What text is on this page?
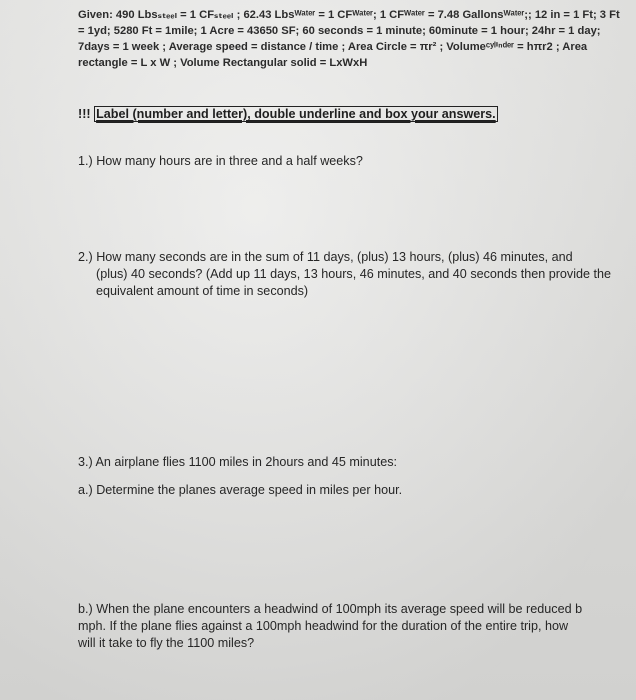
Given: 490 Lbsₛₜₑₑₗ = 1 CFₛₜₑₑₗ ; 62.43 Lbsᵂᵃᵗᵉʳ = 1 CFᵂᵃᵗᵉʳ; 1 CFᵂᵃᵗᵉʳ = 7.48 Gallonsᵂᵃᵗᵉʳ;; 12 in = 1 Ft; 3 Ft
= 1yd; 5280 Ft = 1mile; 1 Acre = 43650 SF; 60 seconds = 1 minute; 60minute = 1 hour; 24hr = 1 day;
7days = 1 week ; Average speed = distance / time ; Area Circle = πr² ; Volumeᶜʸˡⁱⁿᵈᵉʳ = hπr2 ; Area
rectangle = L x W ; Volume Rectangular solid = LxWxH
!!! Label (number and letter), double underline and box your answers.
1.) How many hours are in three and a half weeks?
2.) How many seconds are in the sum of 11 days, (plus) 13 hours, (plus) 46 minutes, and
(plus) 40 seconds? (Add up 11 days, 13 hours, 46 minutes, and 40 seconds then provide the
equivalent amount of time in seconds)
3.) An airplane flies 1100 miles in 2hours and 45 minutes:
a.) Determine the planes average speed in miles per hour.
b.) When the plane encounters a headwind of 100mph its average speed will be reduced b
mph. If the plane flies against a 100mph headwind for the duration of the entire trip, how
will it take to fly the 1100 miles?
